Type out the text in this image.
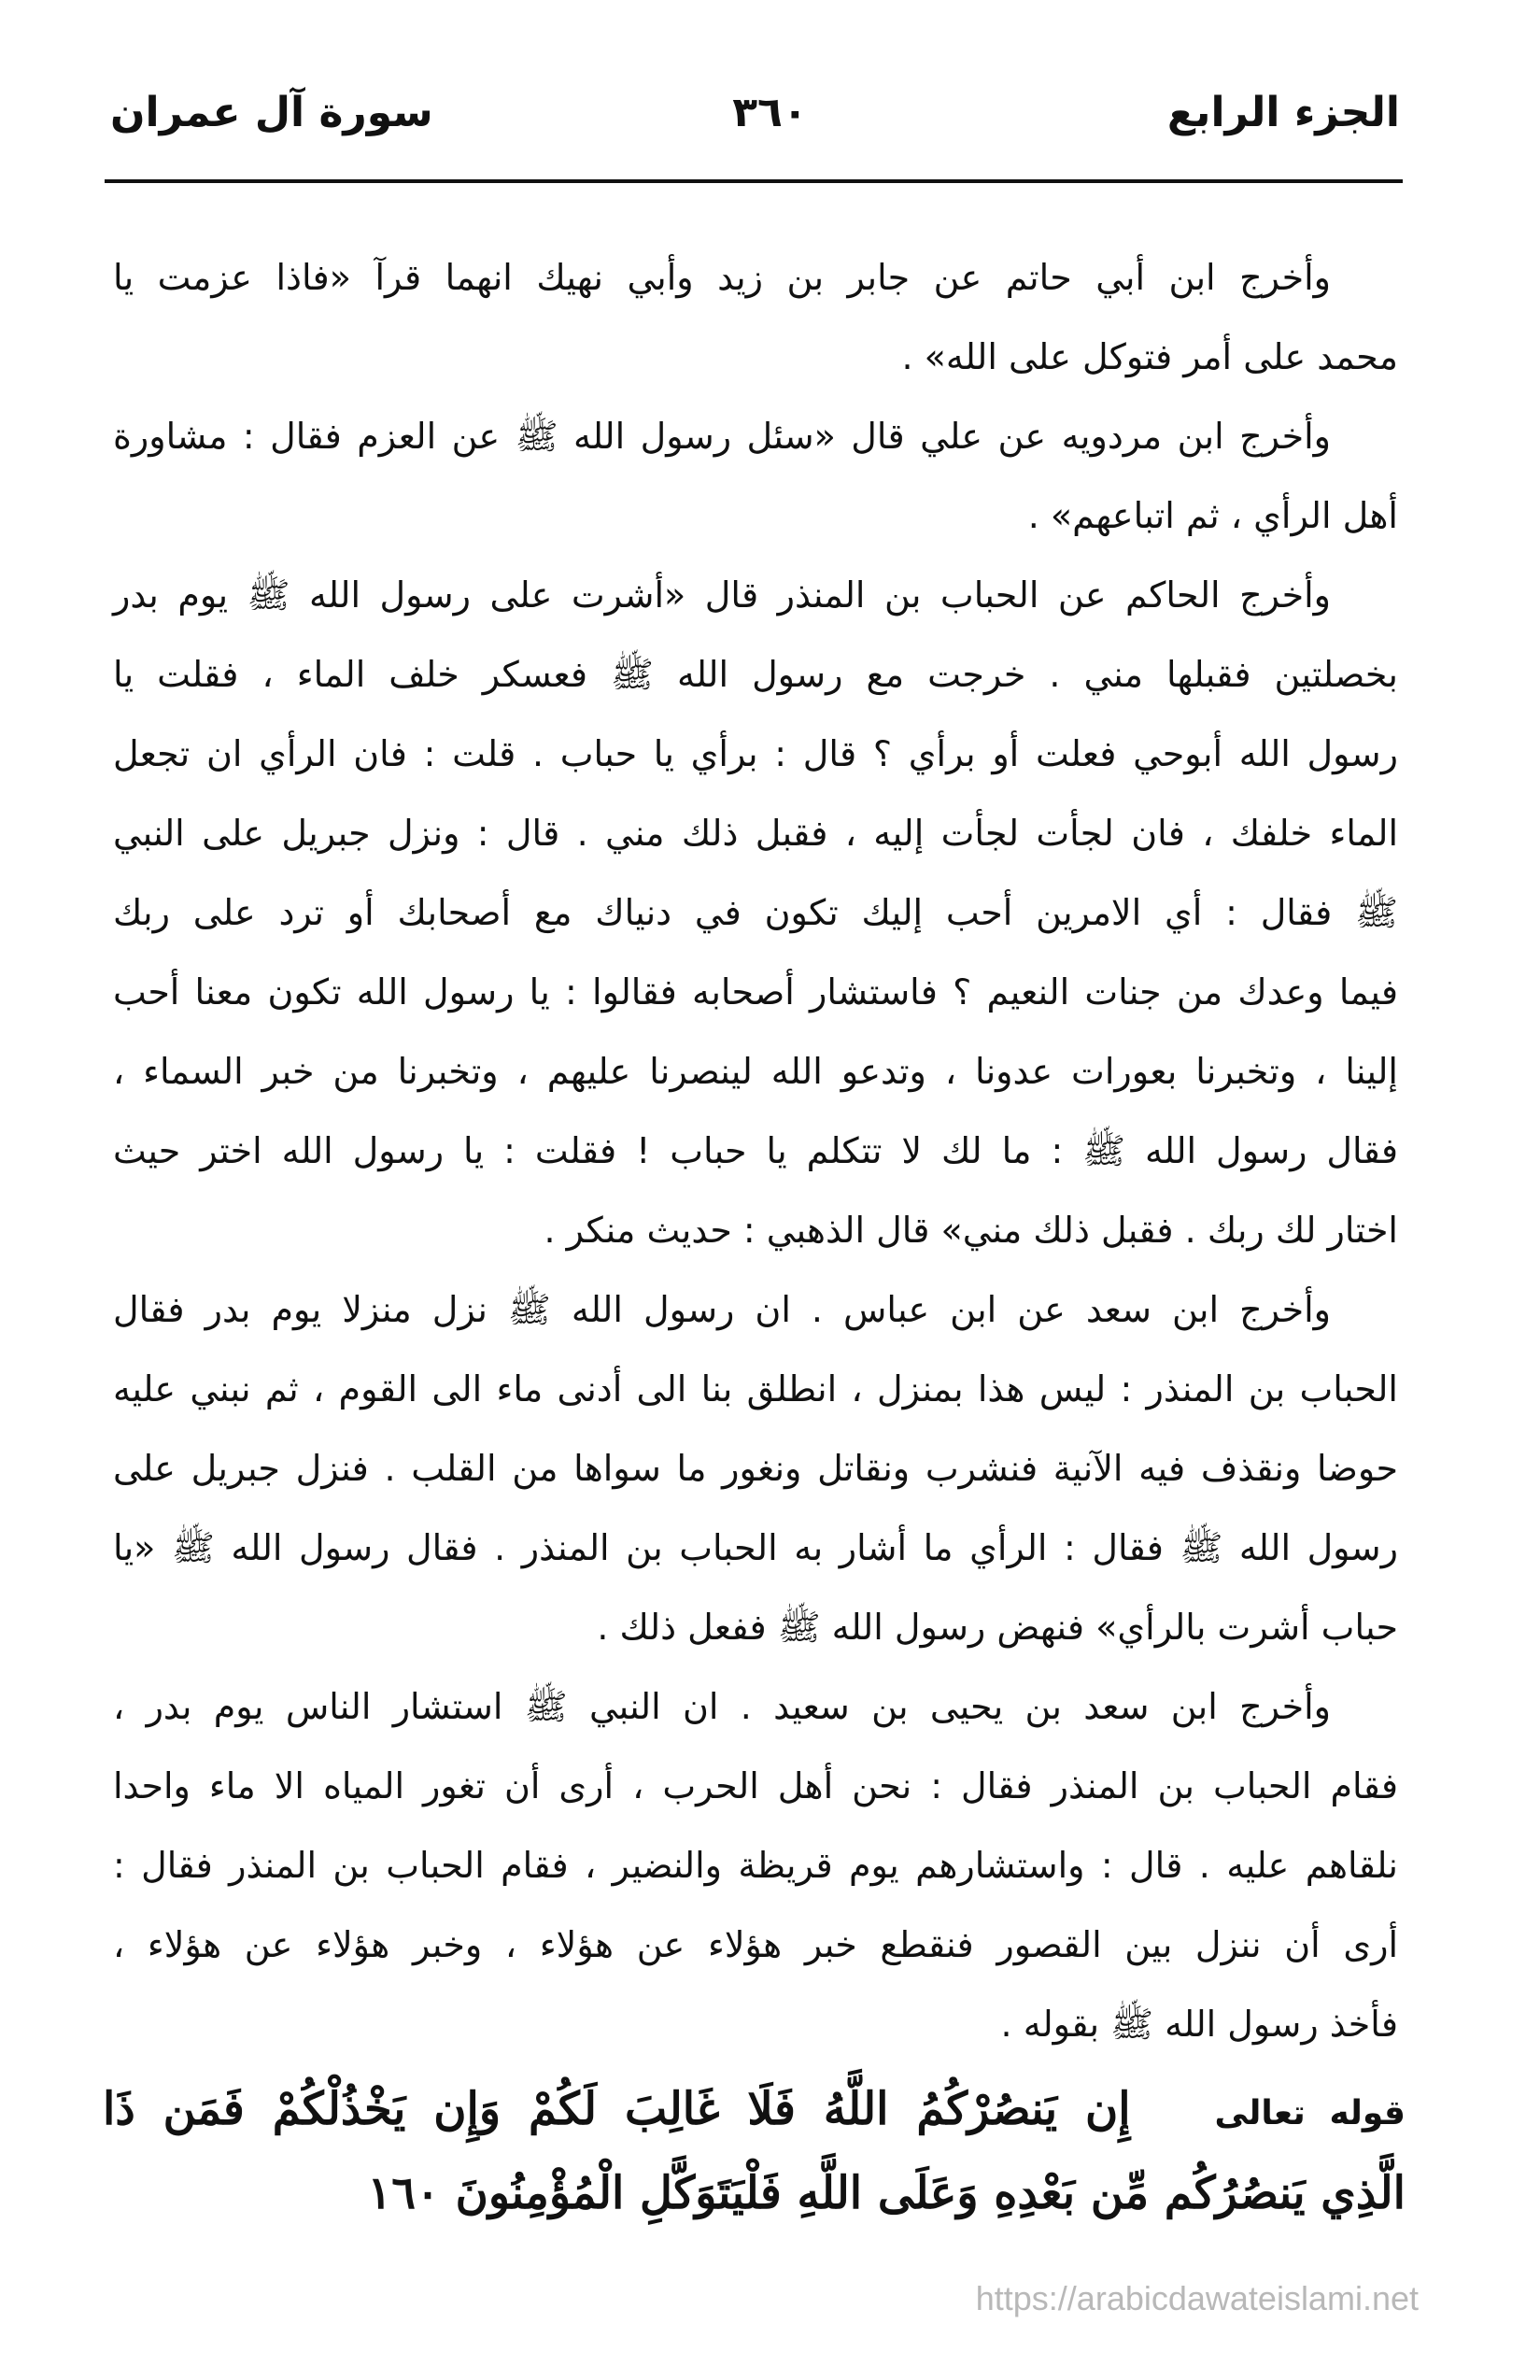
الجزء الرابع
٣٦٠
سورة آل عمران
وأخرج ابن أبي حاتم عن جابر بن زيد وأبي نهيك انهما قرآ «فاذا عزمت يا
محمد على أمر فتوكل على الله» .
وأخرج ابن مردويه عن علي قال «سئل رسول الله ﷺ عن العزم فقال : مشاورة
أهل الرأي ، ثم اتباعهم» .
وأخرج الحاكم عن الحباب بن المنذر قال «أشرت على رسول الله ﷺ يوم بدر
بخصلتين فقبلها مني . خرجت مع رسول الله ﷺ فعسكر خلف الماء ، فقلت يا
رسول الله أبوحي فعلت أو برأي ؟ قال : برأي يا حباب . قلت : فان الرأي ان تجعل
الماء خلفك ، فان لجأت لجأت إليه ، فقبل ذلك مني . قال : ونزل جبريل على النبي
ﷺ فقال : أي الامرين أحب إليك تكون في دنياك مع أصحابك أو ترد على ربك
فيما وعدك من جنات النعيم ؟ فاستشار أصحابه فقالوا : يا رسول الله تكون معنا أحب
إلينا ، وتخبرنا بعورات عدونا ، وتدعو الله لينصرنا عليهم ، وتخبرنا من خبر السماء ،
فقال رسول الله ﷺ : ما لك لا تتكلم يا حباب ! فقلت : يا رسول الله اختر حيث
اختار لك ربك . فقبل ذلك مني» قال الذهبي : حديث منكر .
وأخرج ابن سعد عن ابن عباس . ان رسول الله ﷺ نزل منزلا يوم بدر فقال
الحباب بن المنذر : ليس هذا بمنزل ، انطلق بنا الى أدنى ماء الى القوم ، ثم نبني عليه
حوضا ونقذف فيه الآنية فنشرب ونقاتل ونغور ما سواها من القلب . فنزل جبريل على
رسول الله ﷺ فقال : الرأي ما أشار به الحباب بن المنذر . فقال رسول الله ﷺ «يا
حباب أشرت بالرأي» فنهض رسول الله ﷺ ففعل ذلك .
وأخرج ابن سعد بن يحيى بن سعيد . ان النبي ﷺ استشار الناس يوم بدر ،
فقام الحباب بن المنذر فقال : نحن أهل الحرب ، أرى أن تغور المياه الا ماء واحدا
نلقاهم عليه . قال : واستشارهم يوم قريظة والنضير ، فقام الحباب بن المنذر فقال :
أرى أن ننزل بين القصور فنقطع خبر هؤلاء عن هؤلاء ، وخبر هؤلاء عن هؤلاء ،
فأخذ رسول الله ﷺ بقوله .
قوله تعالى إِن يَنصُرْكُمُ اللَّهُ فَلَا غَالِبَ لَكُمْ وَإِن يَخْذُلْكُمْ فَمَن ذَا
الَّذِي يَنصُرُكُم مِّن بَعْدِهِ وَعَلَى اللَّهِ فَلْيَتَوَكَّلِ الْمُؤْمِنُونَ ١٦٠
https://arabicdawateislami.net
